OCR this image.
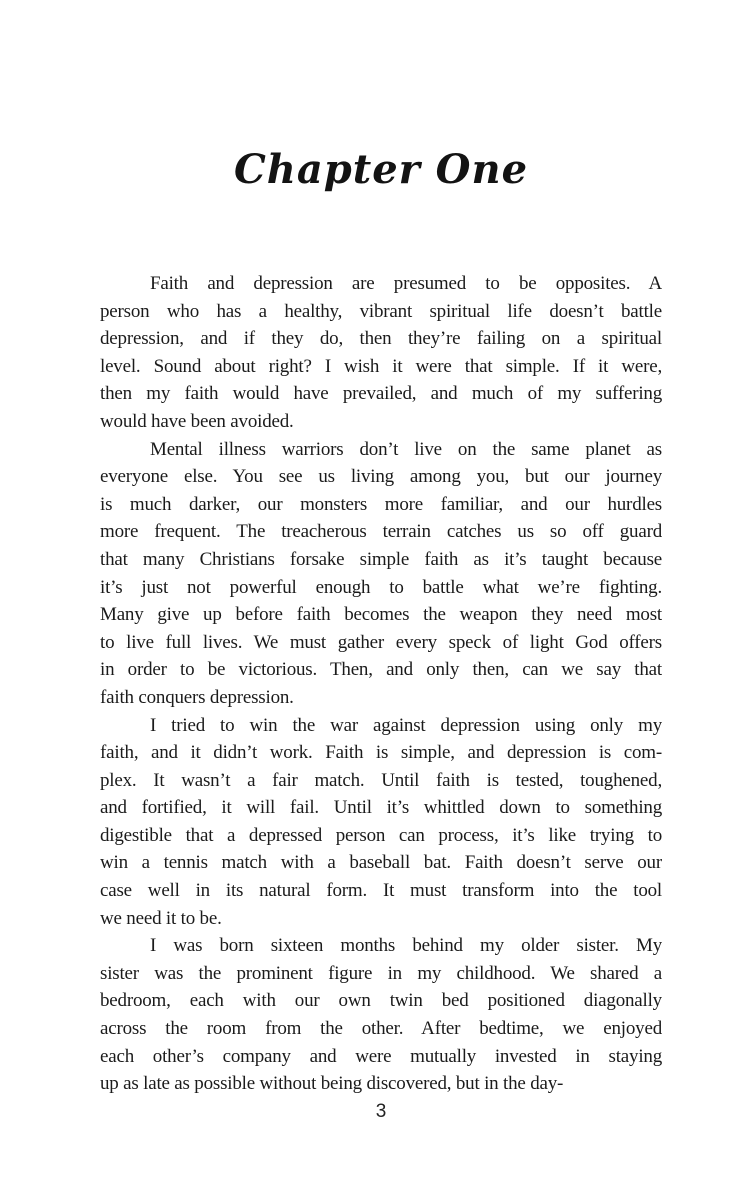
Chapter One
Faith and depression are presumed to be opposites. A
person who has a healthy, vibrant spiritual life doesn’t battle
depression, and if they do, then they’re failing on a spiritual
level. Sound about right? I wish it were that simple. If it were,
then my faith would have prevailed, and much of my suffering
would have been avoided.
Mental illness warriors don’t live on the same planet as
everyone else. You see us living among you, but our journey
is much darker, our monsters more familiar, and our hurdles
more frequent. The treacherous terrain catches us so off guard
that many Christians forsake simple faith as it’s taught because
it’s just not powerful enough to battle what we’re fighting.
Many give up before faith becomes the weapon they need most
to live full lives. We must gather every speck of light God offers
in order to be victorious. Then, and only then, can we say that
faith conquers depression.
I tried to win the war against depression using only my
faith, and it didn’t work. Faith is simple, and depression is com-
plex. It wasn’t a fair match. Until faith is tested, toughened,
and fortified, it will fail. Until it’s whittled down to something
digestible that a depressed person can process, it’s like trying to
win a tennis match with a baseball bat. Faith doesn’t serve our
case well in its natural form. It must transform into the tool
we need it to be.
I was born sixteen months behind my older sister. My
sister was the prominent figure in my childhood. We shared a
bedroom, each with our own twin bed positioned diagonally
across the room from the other. After bedtime, we enjoyed
each other’s company and were mutually invested in staying
up as late as possible without being discovered, but in the day-
3
